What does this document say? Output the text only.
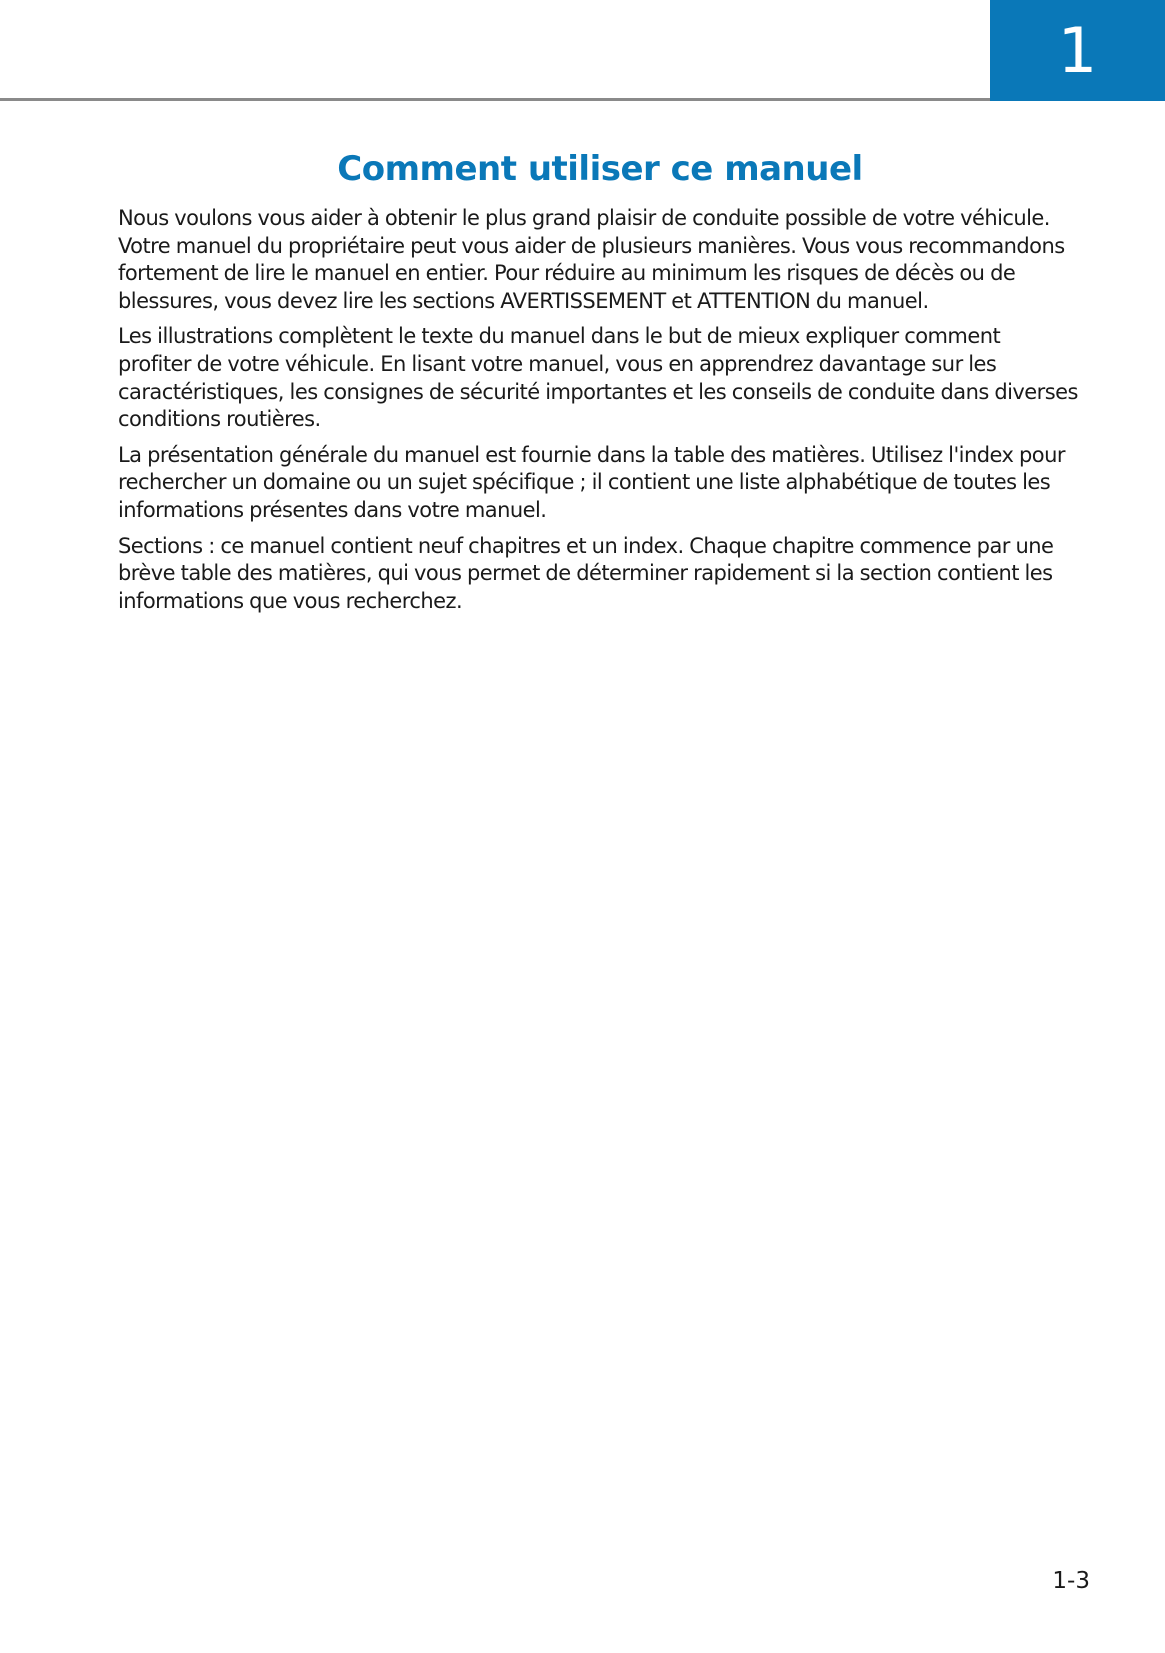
1
Comment utiliser ce manuel

Nous voulons vous aider à obtenir le plus grand plaisir de conduite possible de votre véhicule. Votre manuel du propriétaire peut vous aider de plusieurs manières. Vous vous recommandons fortement de lire le manuel en entier. Pour réduire au minimum les risques de décès ou de blessures, vous devez lire les sections AVERTISSEMENT et ATTENTION du manuel.

Les illustrations complètent le texte du manuel dans le but de mieux expliquer comment profiter de votre véhicule. En lisant votre manuel, vous en apprendrez davantage sur les caractéristiques, les consignes de sécurité importantes et les conseils de conduite dans diverses conditions routières.

La présentation générale du manuel est fournie dans la table des matières. Utilisez l'index pour rechercher un domaine ou un sujet spécifique ; il contient une liste alphabétique de toutes les informations présentes dans votre manuel.

Sections : ce manuel contient neuf chapitres et un index. Chaque chapitre commence par une brève table des matières, qui vous permet de déterminer rapidement si la section contient les informations que vous recherchez.

1-3
